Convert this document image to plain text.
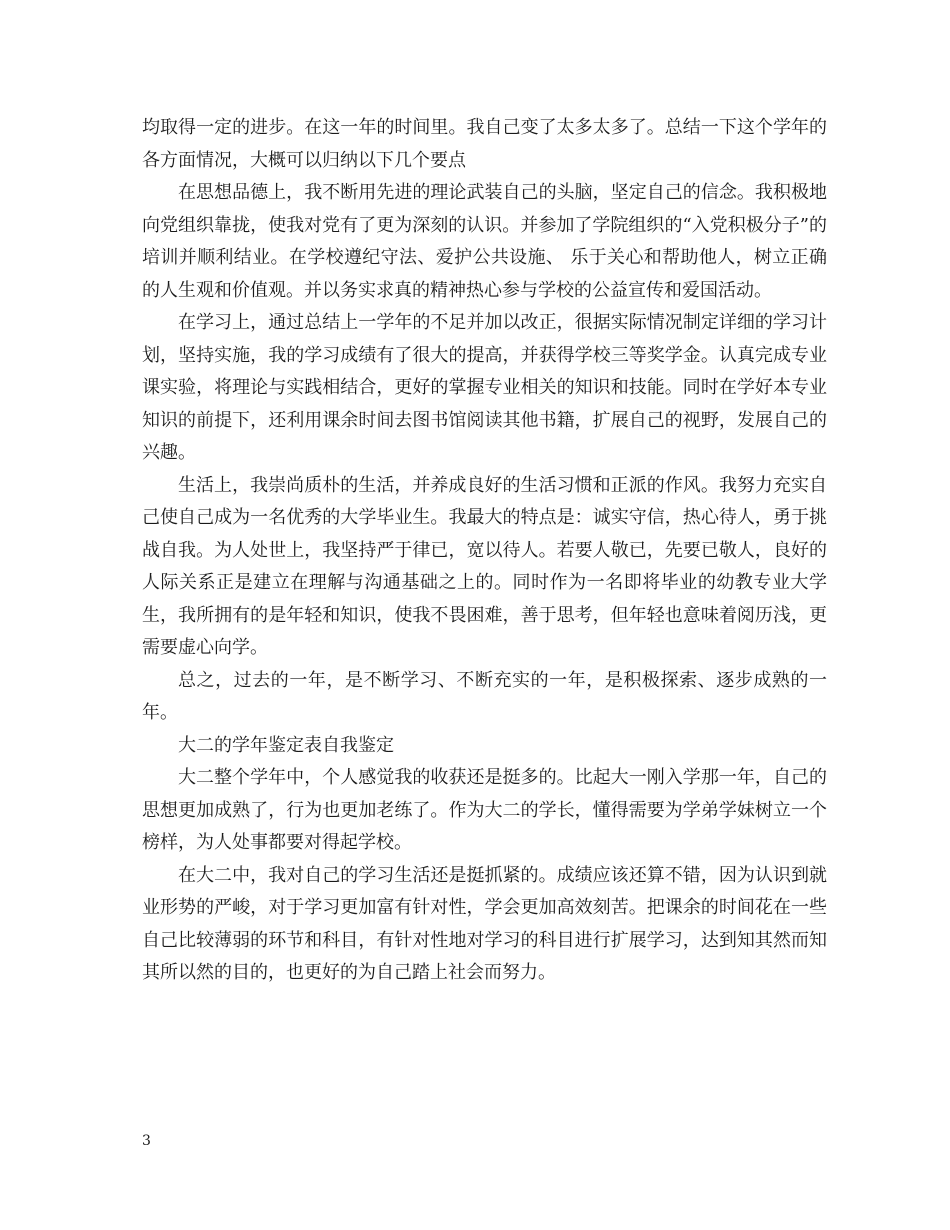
均取得一定的进步。在这一年的时间里。我自己变了太多太多了。总结一下这个学年的各方面情况，大概可以归纳以下几个要点

在思想品德上，我不断用先进的理论武装自己的头脑，坚定自己的信念。我积极地向党组织靠拢，使我对党有了更为深刻的认识。并参加了学院组织的“入党积极分子”的培训并顺利结业。在学校遵纪守法、爱护公共设施、 乐于关心和帮助他人，树立正确的人生观和价值观。并以务实求真的精神热心参与学校的公益宣传和爱国活动。

在学习上，通过总结上一学年的不足并加以改正，很据实际情况制定详细的学习计划，坚持实施，我的学习成绩有了很大的提高，并获得学校三等奖学金。认真完成专业课实验，将理论与实践相结合，更好的掌握专业相关的知识和技能。同时在学好本专业知识的前提下，还利用课余时间去图书馆阅读其他书籍，扩展自己的视野，发展自己的兴趣。

生活上，我崇尚质朴的生活，并养成良好的生活习惯和正派的作风。我努力充实自己使自己成为一名优秀的大学毕业生。我最大的特点是：诚实守信，热心待人，勇于挑战自我。为人处世上，我坚持严于律已，宽以待人。若要人敬已，先要已敬人，良好的人际关系正是建立在理解与沟通基础之上的。同时作为一名即将毕业的幼教专业大学生，我所拥有的是年轻和知识，使我不畏困难，善于思考，但年轻也意味着阅历浅，更需要虚心向学。

总之，过去的一年，是不断学习、不断充实的一年，是积极探索、逐步成熟的一年。

大二的学年鉴定表自我鉴定

大二整个学年中，个人感觉我的收获还是挺多的。比起大一刚入学那一年，自己的思想更加成熟了，行为也更加老练了。作为大二的学长，懂得需要为学弟学妹树立一个榜样，为人处事都要对得起学校。

在大二中，我对自己的学习生活还是挺抓紧的。成绩应该还算不错，因为认识到就业形势的严峻，对于学习更加富有针对性，学会更加高效刻苦。把课余的时间花在一些自己比较薄弱的环节和科目，有针对性地对学习的科目进行扩展学习，达到知其然而知其所以然的目的，也更好的为自己踏上社会而努力。

3
